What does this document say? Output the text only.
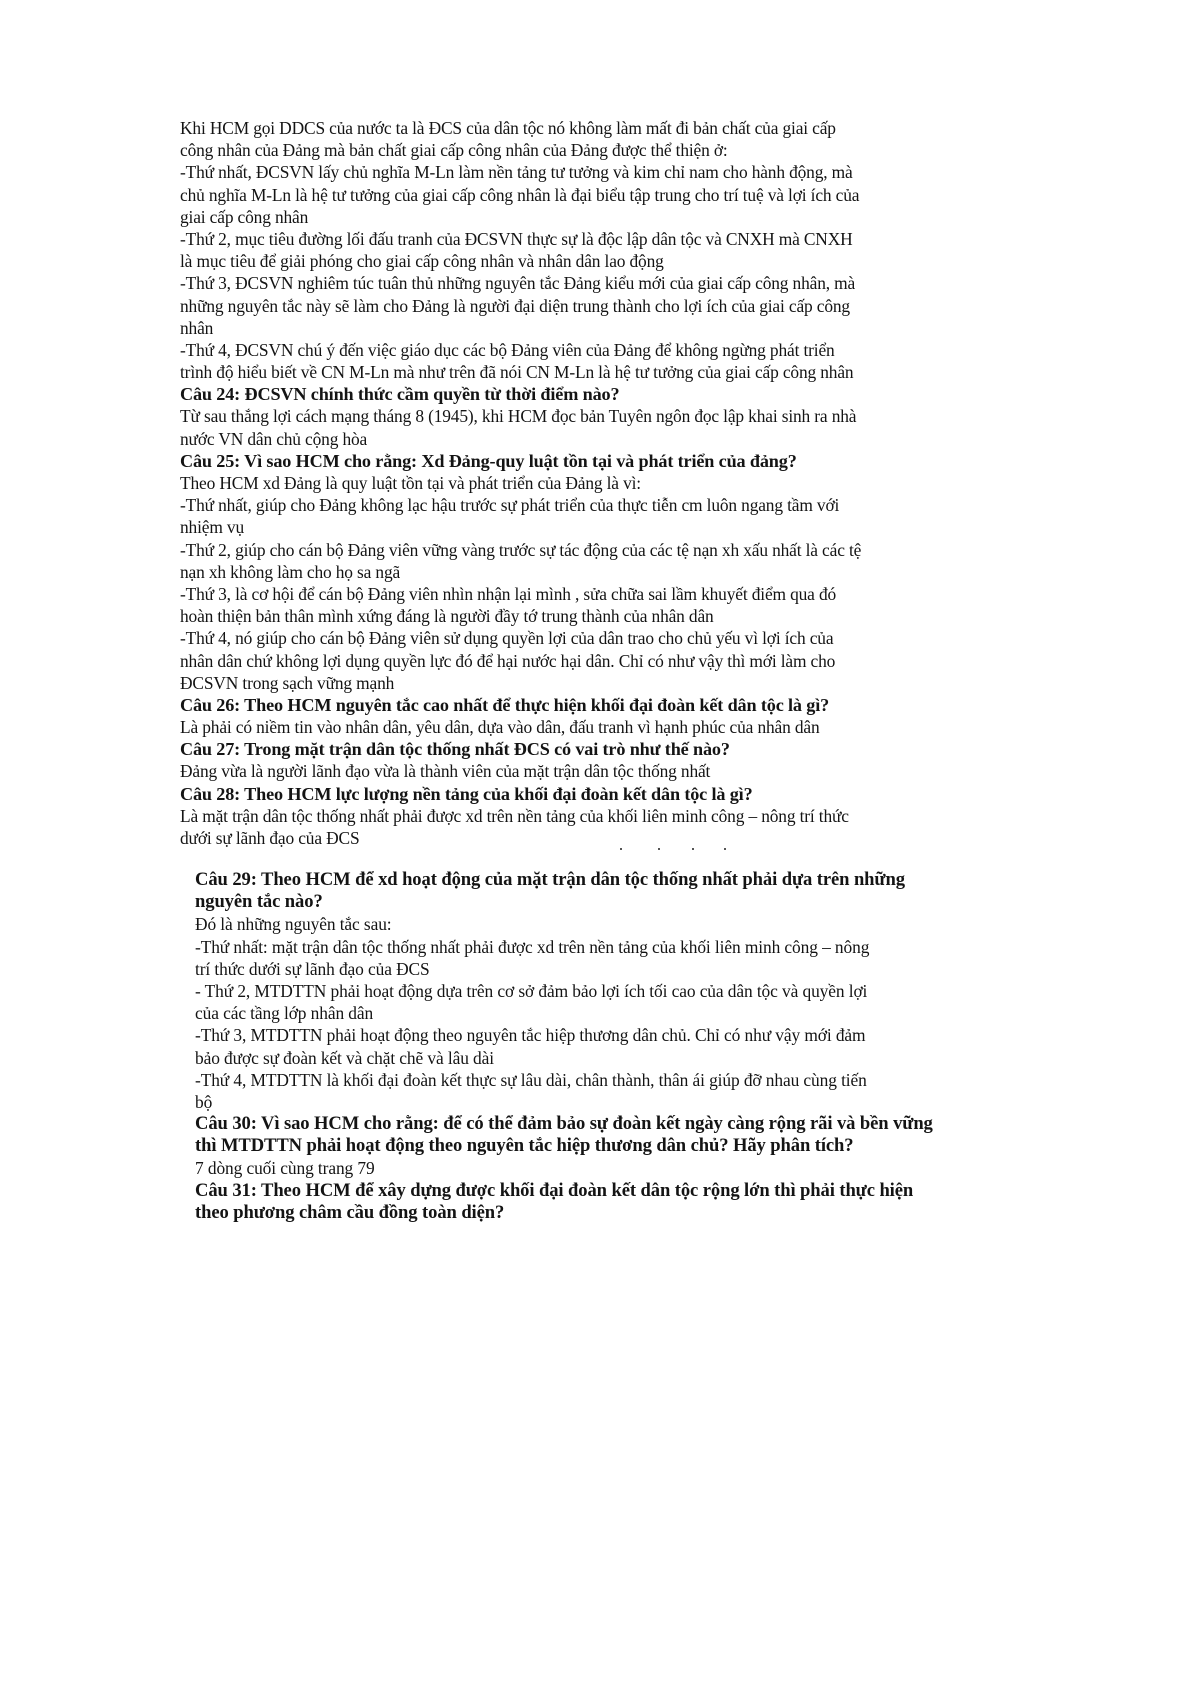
Khi HCM gọi DDCS của nước ta là ĐCS của dân tộc nó không làm mất đi bản chất của giai cấp
công nhân của Đảng mà bản chất giai cấp công nhân của Đảng được thể thiện ở:
-Thứ nhất, ĐCSVN lấy chủ nghĩa M-Ln làm nền tảng tư tưởng và kim chỉ nam cho hành động, mà
chủ nghĩa M-Ln là hệ tư tưởng của giai cấp công nhân là đại biểu tập trung cho trí tuệ và lợi ích của
giai cấp công nhân
-Thứ 2, mục tiêu đường lối đấu tranh của ĐCSVN thực sự là độc lập dân tộc và CNXH mà CNXH
là mục tiêu để giải phóng cho giai cấp công nhân và nhân dân lao động
-Thứ 3, ĐCSVN nghiêm túc tuân thủ những nguyên tắc Đảng kiểu mới của giai cấp công nhân, mà
những nguyên tắc này sẽ làm cho Đảng là người đại diện trung thành cho lợi ích của giai cấp công
nhân
-Thứ 4, ĐCSVN chú ý đến việc giáo dục các bộ Đảng viên của Đảng để không ngừng phát triển
trình độ hiểu biết về CN M-Ln mà như trên đã nói CN M-Ln là hệ tư tưởng của giai cấp công nhân
Câu 24: ĐCSVN chính thức cầm quyền từ thời điểm nào?
Từ sau thắng lợi cách mạng tháng 8 (1945), khi HCM đọc bản Tuyên ngôn đọc lập khai sinh ra nhà
nước VN dân chủ cộng hòa
Câu 25: Vì sao HCM cho rằng: Xd Đảng-quy luật tồn tại và phát triển của đảng?
Theo HCM xd Đảng là quy luật tồn tại và phát triển của Đảng là vì:
-Thứ nhất, giúp cho Đảng không lạc hậu trước sự phát triển của thực tiễn cm luôn ngang tầm với
nhiệm vụ
-Thứ 2, giúp cho cán bộ Đảng viên vững vàng trước sự tác động của các tệ nạn xh xấu nhất là các tệ
nạn xh không làm cho họ sa ngã
-Thứ 3, là cơ hội để cán bộ Đảng viên nhìn nhận lại mình , sửa chữa sai lầm khuyết điểm qua đó
hoàn thiện bản thân mình xứng đáng là người đầy tớ trung thành của nhân dân
-Thứ 4, nó giúp cho cán bộ Đảng viên sử dụng quyền lợi của dân trao cho chủ yếu vì lợi ích của
nhân dân chứ không lợi dụng quyền lực đó để hại nước hại dân. Chỉ có như vậy thì mới làm cho
ĐCSVN trong sạch vững mạnh
Câu 26: Theo HCM nguyên tắc cao nhất để thực hiện khối đại đoàn kết dân tộc là gì?
Là phải có niềm tin vào nhân dân, yêu dân, dựa vào dân, đấu tranh vì hạnh phúc của nhân dân
Câu 27: Trong mặt trận dân tộc thống nhất ĐCS có vai trò như thế nào?
Đảng vừa là người lãnh đạo vừa là thành viên của mặt trận dân tộc thống nhất
Câu 28: Theo HCM lực lượng nền tảng của khối đại đoàn kết dân tộc là gì?
Là mặt trận dân tộc thống nhất phải được xd trên nền tảng của khối liên minh công – nông trí thức
dưới sự lãnh đạo của ĐCS
Câu 29: Theo HCM để xd hoạt động của mặt trận dân tộc thống nhất phải dựa trên những
nguyên tắc nào?
Đó là những nguyên tắc sau:
-Thứ nhất: mặt trận dân tộc thống nhất phải được xd trên nền tảng của khối liên minh công – nông
trí thức dưới sự lãnh đạo của ĐCS
- Thứ 2, MTDTTN phải hoạt động dựa trên cơ sở đảm bảo lợi ích tối cao của dân tộc và quyền lợi
của các tầng lớp nhân dân
-Thứ 3, MTDTTN phải hoạt động theo nguyên tắc hiệp thương dân chủ. Chỉ có như vậy mới đảm
bảo được sự đoàn kết và chặt chẽ và lâu dài
-Thứ 4, MTDTTN là khối đại đoàn kết thực sự lâu dài, chân thành, thân ái giúp đỡ nhau cùng tiến
bộ
Câu 30: Vì sao HCM cho rằng: để có thể đảm bảo sự đoàn kết ngày càng rộng rãi và bền vững
thì MTDTTN phải hoạt động theo nguyên tắc hiệp thương dân chủ? Hãy phân tích?
7 dòng cuối cùng trang 79
Câu 31: Theo HCM để xây dựng được khối đại đoàn kết dân tộc rộng lớn thì phải thực hiện
theo phương châm cầu đồng toàn diện?
